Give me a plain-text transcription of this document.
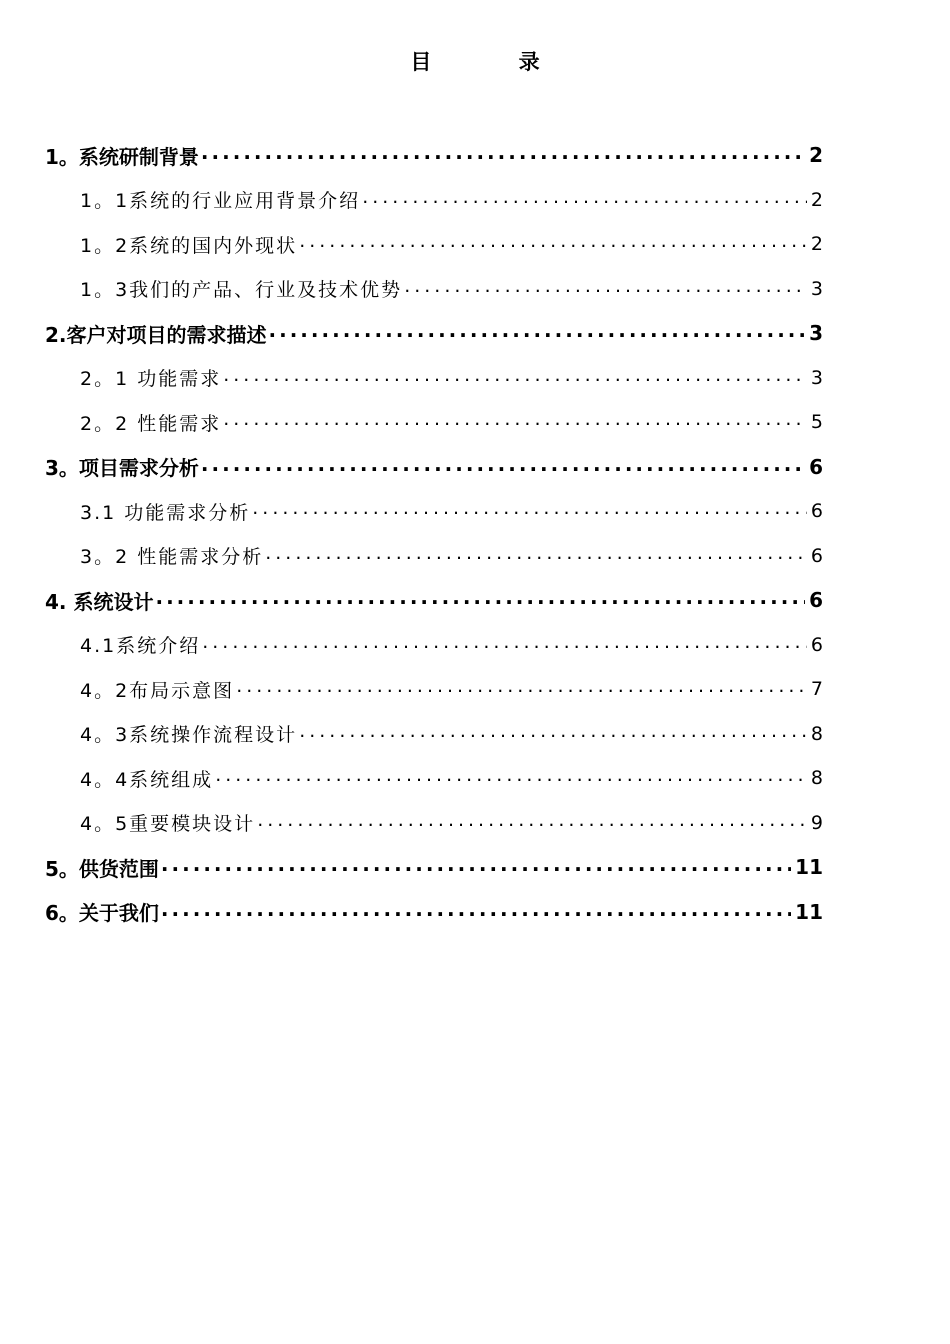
目 录
1。系统研制背景 .....	2
1。1系统的行业应用背景介绍 .....	2
1。2系统的国内外现状 .....	2
1。3我们的产品、行业及技术优势 .....	3
2.客户对项目的需求描述 .....	3
2。1 功能需求 .....	3
2。2 性能需求 .....	5
3。项目需求分析 .....	6
3.1 功能需求分析 .....	6
3。2 性能需求分析 .....	6
4. 系统设计 .....	6
4.1系统介绍 .....	6
4。2布局示意图 .....	7
4。3系统操作流程设计 .....	8
4。4系统组成 .....	8
4。5重要模块设计 .....	9
5。供货范围 .....	11
6。关于我们 .....	11
